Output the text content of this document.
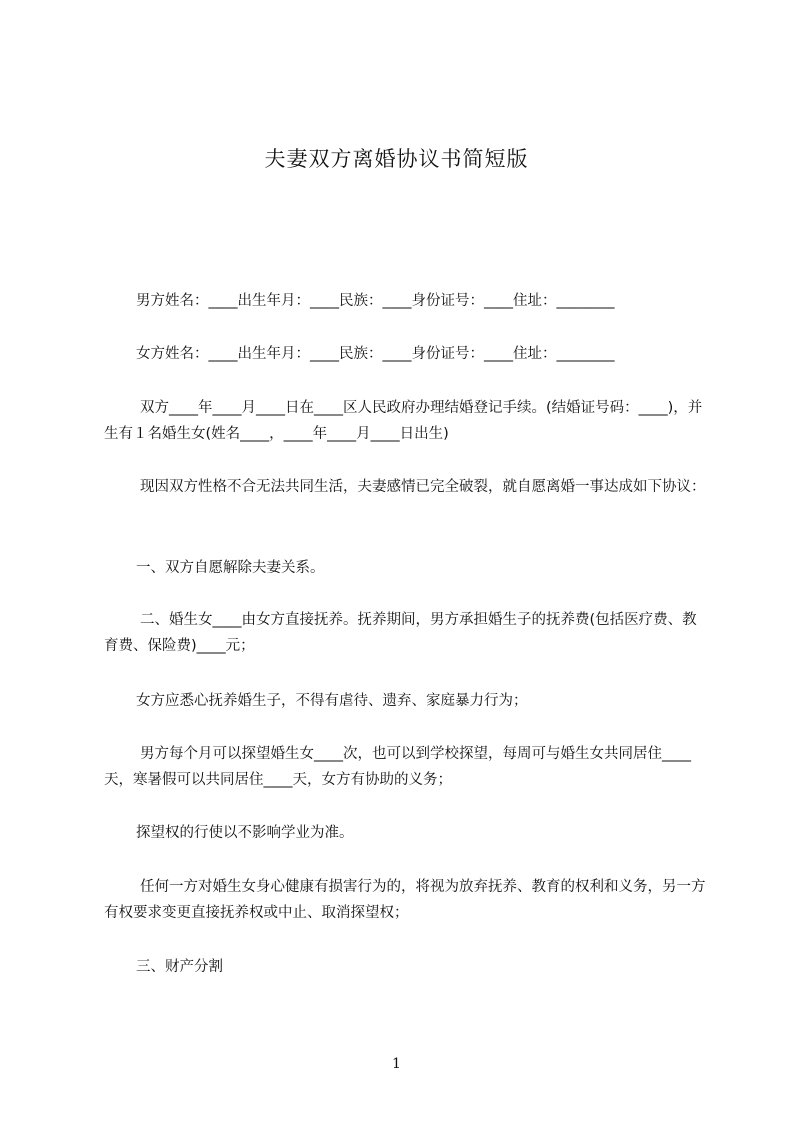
夫妻双方离婚协议书简短版
男方姓名：____出生年月：____民族：____身份证号：____住址：________
女方姓名：____出生年月：____民族：____身份证号：____住址：________
双方____年____月____日在____区人民政府办理结婚登记手续。(结婚证号码：____)，并生有１名婚生女(姓名____，____年____月____日出生)
现因双方性格不合无法共同生活，夫妻感情已完全破裂，就自愿离婚一事达成如下协议：
一、双方自愿解除夫妻关系。
二、婚生女____由女方直接抚养。抚养期间，男方承担婚生子的抚养费(包括医疗费、教育费、保险费)____元；
女方应悉心抚养婚生子，不得有虐待、遗弃、家庭暴力行为；
男方每个月可以探望婚生女____次，也可以到学校探望，每周可与婚生女共同居住____天，寒暑假可以共同居住____天，女方有协助的义务；
探望权的行使以不影响学业为准。
任何一方对婚生女身心健康有损害行为的，将视为放弃抚养、教育的权利和义务，另一方有权要求变更直接抚养权或中止、取消探望权；
三、财产分割
1
